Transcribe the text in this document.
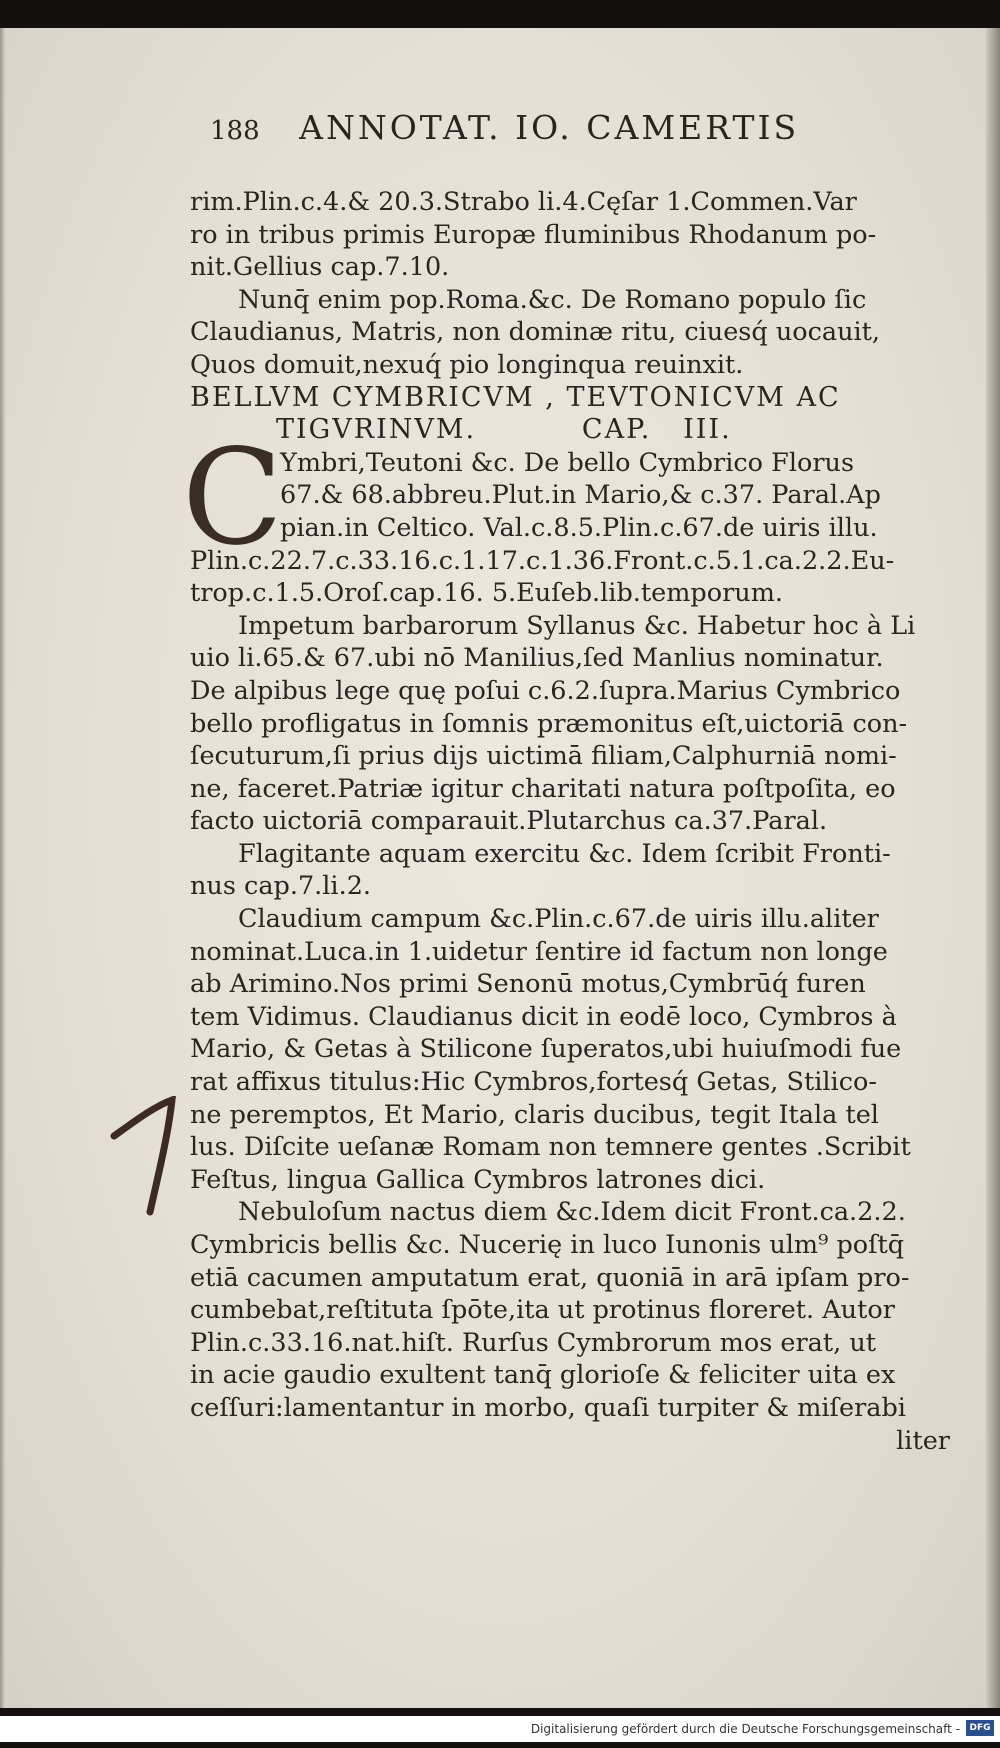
188 ANNOTAT. IO. CAMERTIS
rim.Plin.c.4.& 20.3.Strabo li.4.Cęſar 1.Commen.Var
ro in tribus primis Europæ fluminibus Rhodanum po-
nit.Gellius cap.7.10.
Nunq̄ enim pop.Roma.&c. De Romano populo ſic
Claudianus, Matris, non dominæ ritu, ciuesq́ uocauit,
Quos domuit,nexuq́ pio longinqua reuinxit.
BELLVM CYMBRICVM , TEVTONICVM AC
TIGVRINVM.          CAP.   III.
C
Ymbri,Teutoni &c. De bello Cymbrico Florus
67.& 68.abbreu.Plut.in Mario,& c.37. Paral.Ap
pian.in Celtico. Val.c.8.5.Plin.c.67.de uiris illu.
Plin.c.22.7.c.33.16.c.1.17.c.1.36.Front.c.5.1.ca.2.2.Eu-
trop.c.1.5.Oroſ.cap.16. 5.Euſeb.lib.temporum.
Impetum barbarorum Syllanus &c. Habetur hoc à Li
uio li.65.& 67.ubi nō Manilius,ſed Manlius nominatur.
De alpibus lege quę poſui c.6.2.ſupra.Marius Cymbrico
bello profligatus in ſomnis præmonitus eſt,uictoriā con-
ſecuturum,ſi prius dijs uictimā filiam,Calphurniā nomi-
ne, faceret.Patriæ igitur charitati natura poſtpoſita, eo
facto uictoriā comparauit.Plutarchus ca.37.Paral.
Flagitante aquam exercitu &c. Idem ſcribit Fronti-
nus cap.7.li.2.
Claudium campum &c.Plin.c.67.de uiris illu.aliter
nominat.Luca.in 1.uidetur ſentire id factum non longe
ab Arimino.Nos primi Senonū motus,Cymbrūq́ furen
tem Vidimus. Claudianus dicit in eodē loco, Cymbros à
Mario, & Getas à Stilicone ſuperatos,ubi huiuſmodi fue
rat affixus titulus:Hic Cymbros,fortesq́ Getas, Stilico-
ne peremptos, Et Mario, claris ducibus, tegit Itala tel
lus. Diſcite ueſanæ Romam non temnere gentes .Scribit
Feſtus, lingua Gallica Cymbros latrones dici.
Nebuloſum nactus diem &c.Idem dicit Front.ca.2.2.
Cymbricis bellis &c. Nucerię in luco Iunonis ulm⁹ poſtq̄
etiā cacumen amputatum erat, quoniā in arā ipſam pro-
cumbebat,reſtituta ſpōte,ita ut protinus floreret. Autor
Plin.c.33.16.nat.hiſt. Rurſus Cymbrorum mos erat, ut
in acie gaudio exultent tanq̄ glorioſe & feliciter uita ex
ceſſuri:lamentantur in morbo, quaſi turpiter & miſerabi
liter
Digitalisierung gefördert durch die Deutsche Forschungsgemeinschaft -	DFG
